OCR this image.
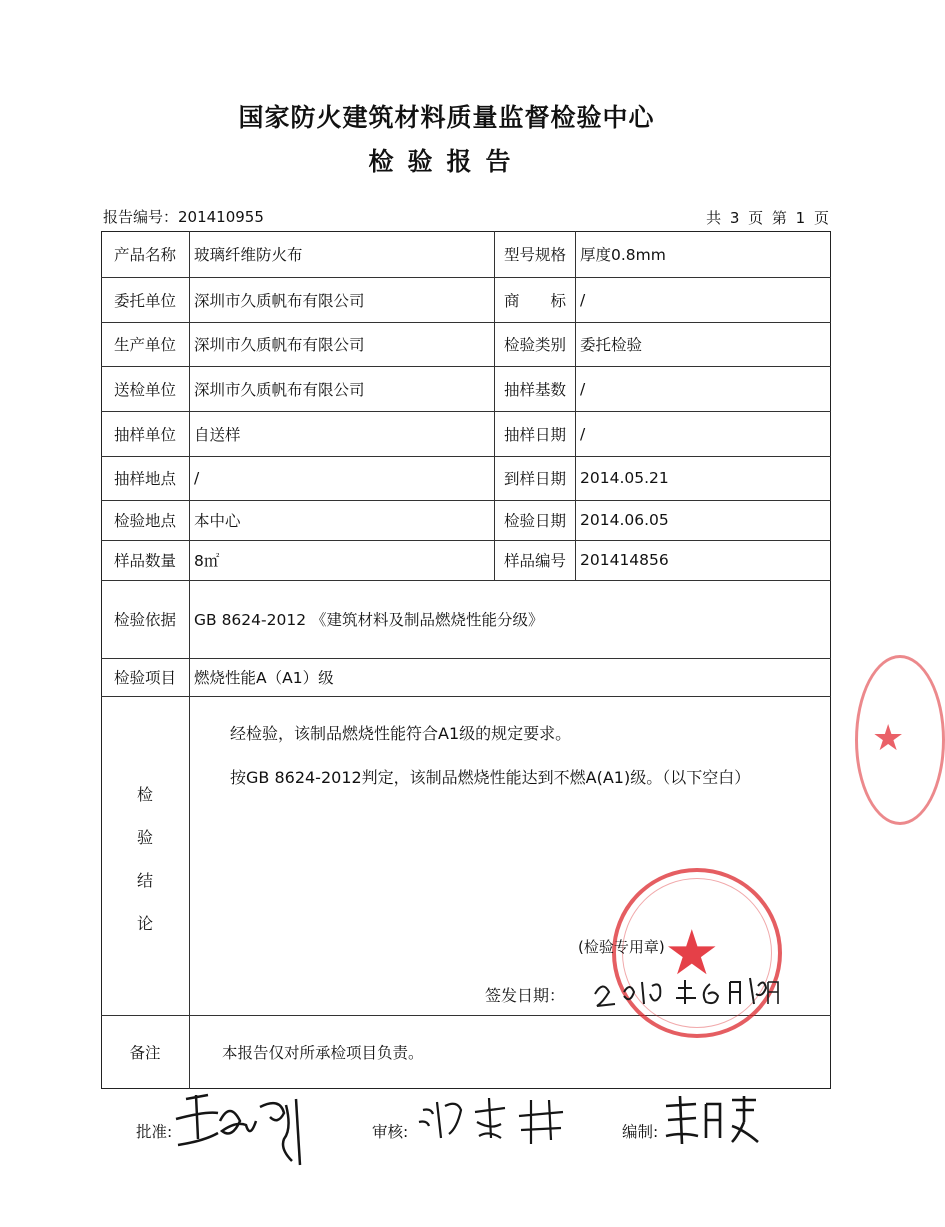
国家防火建筑材料质量监督检验中心
检验报告
报告编号：201410955	共 3 页 第 1 页
产品名称	玻璃纤维防火布	型号规格 厚度0.8mm
委托单位	深圳市久质帆布有限公司	商　　标 /
生产单位	深圳市久质帆布有限公司	检验类别 委托检验
送检单位	深圳市久质帆布有限公司	抽样基数 /
抽样单位	自送样	抽样日期 /
抽样地点	/	到样日期 2014.05.21
检验地点	本中心	检验日期 2014.06.05
样品数量	8㎡	样品编号 201414856
检验依据	GB 8624-2012 《建筑材料及制品燃烧性能分级》
检验项目	燃烧性能A（A1）级
检
验
结
论
经检验，该制品燃烧性能符合A1级的规定要求。
按GB 8624-2012判定，该制品燃烧性能达到不燃A(A1)级。（以下空白）
★
★
(检验专用章)
签发日期：
备注	本报告仅对所承检项目负责。
批准:	审核:	编制:
